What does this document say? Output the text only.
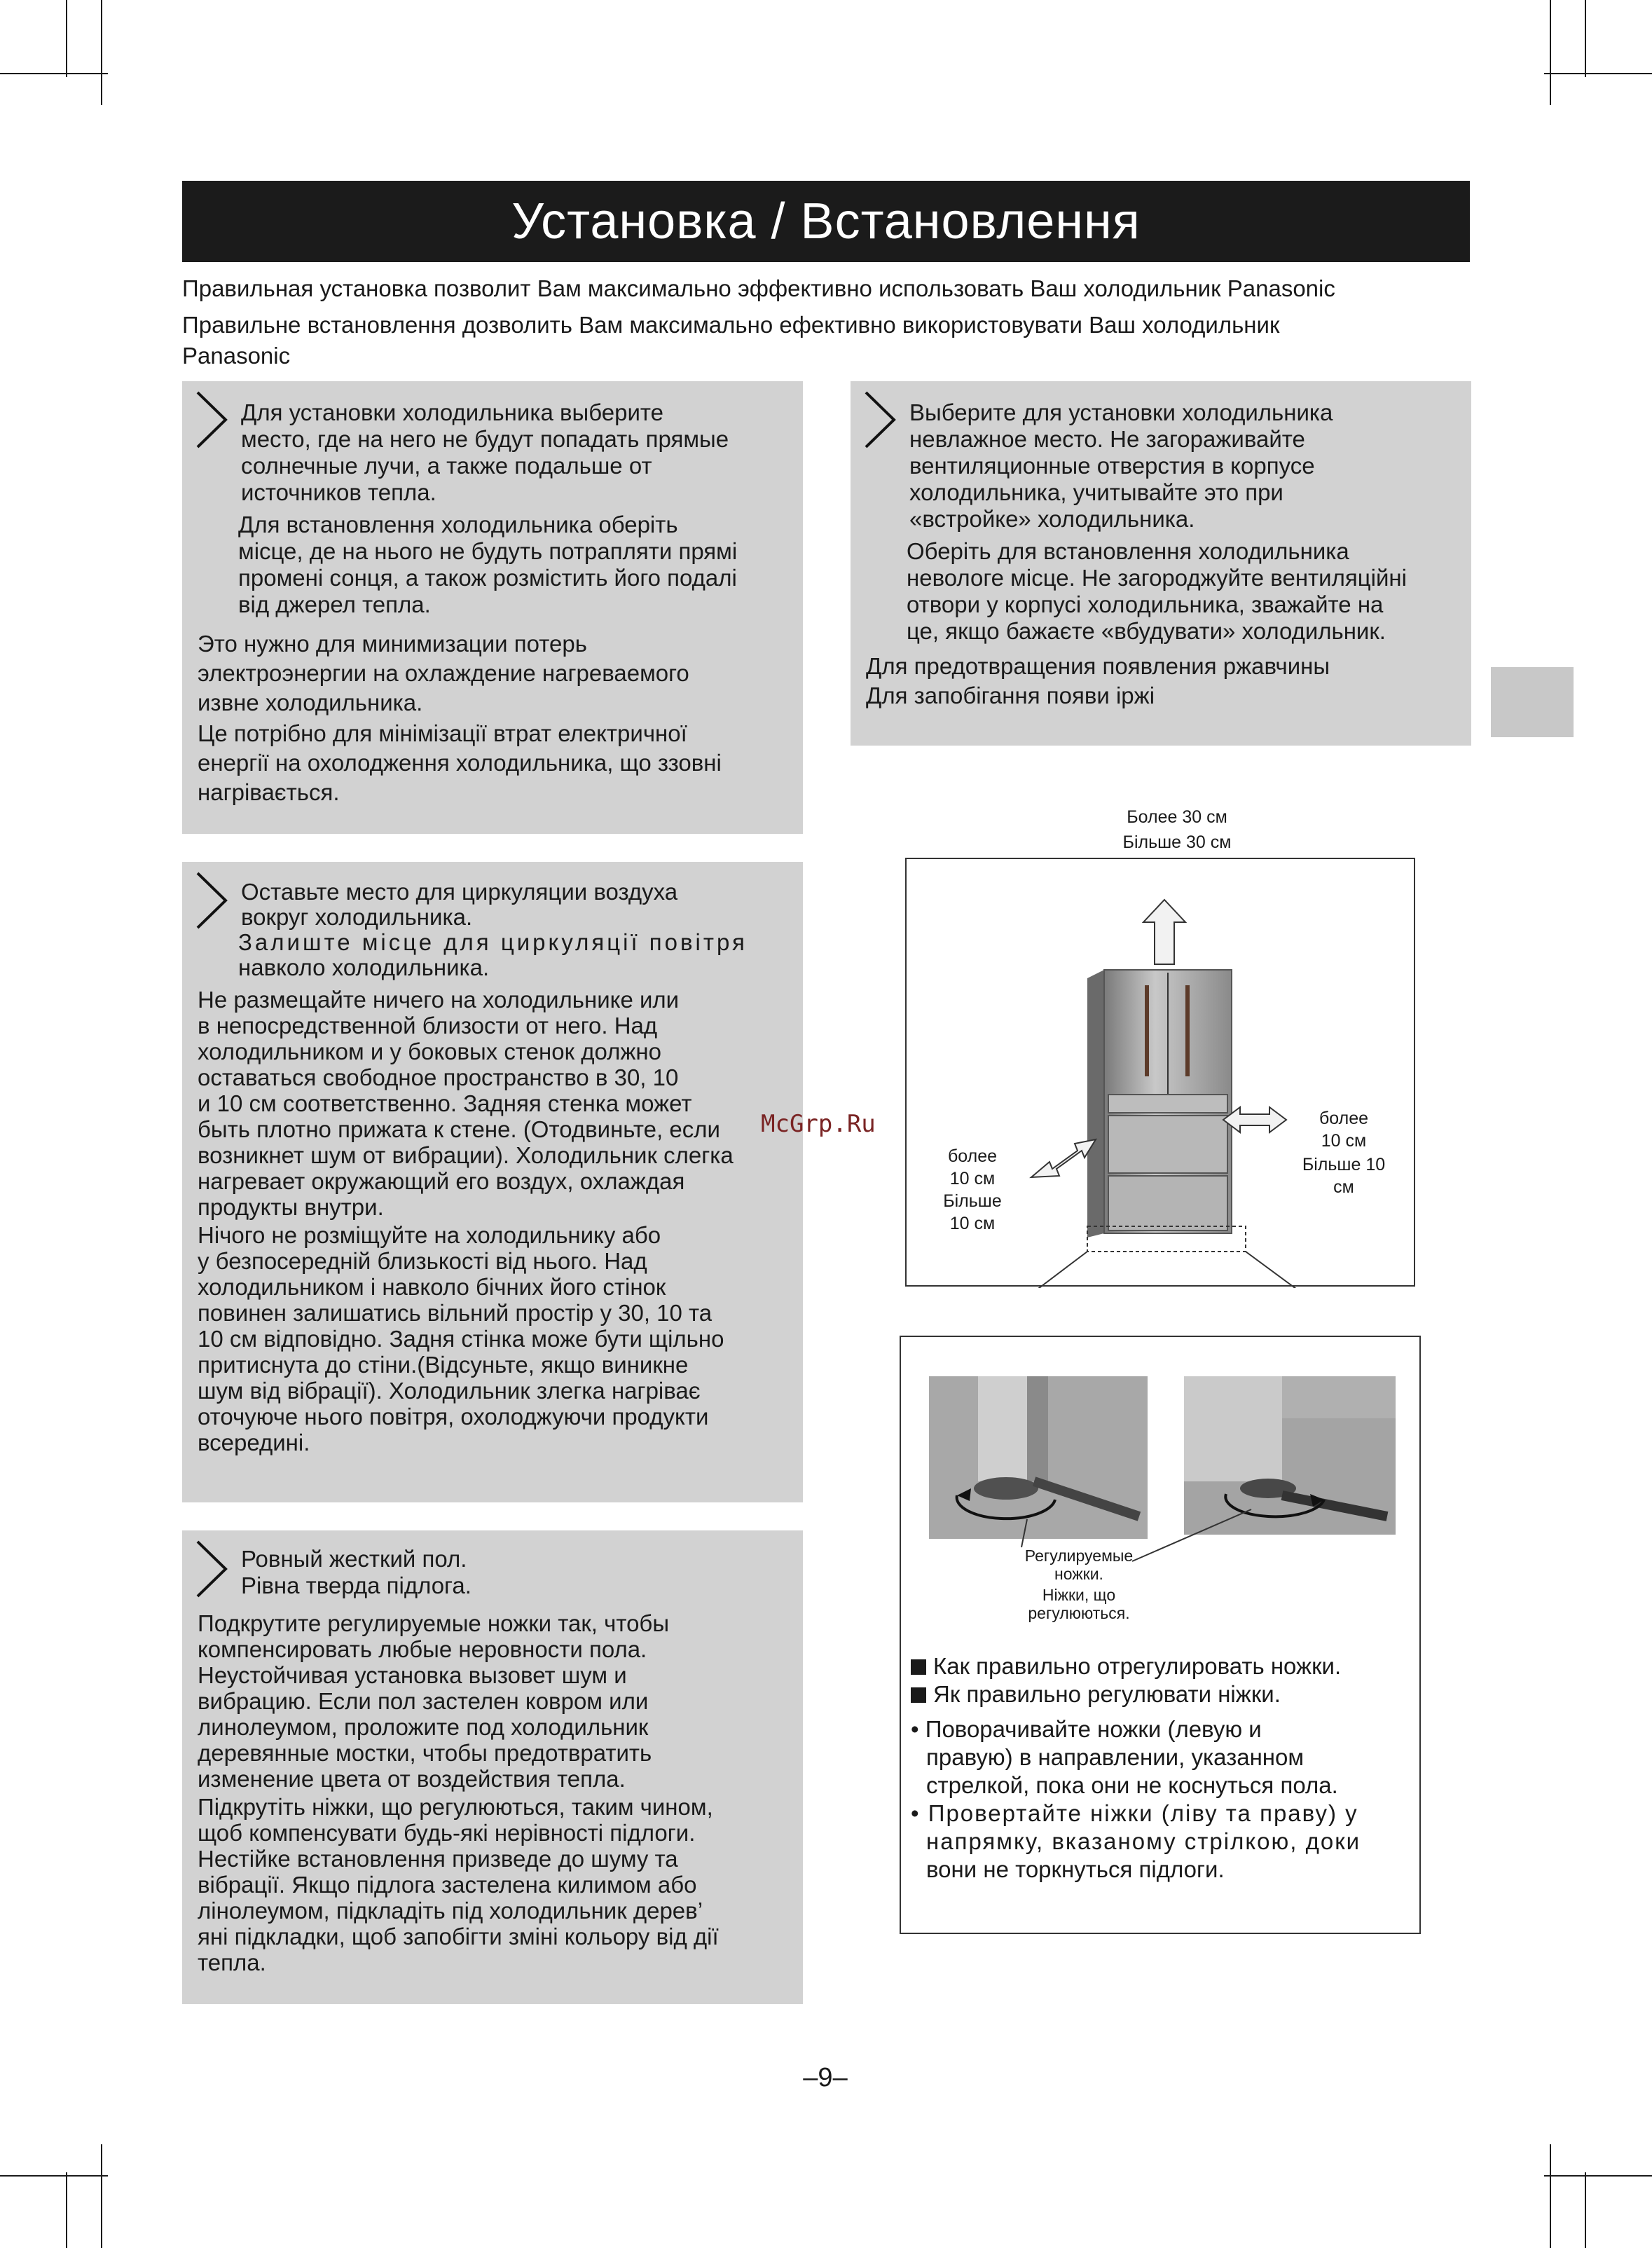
Установка / Встановлення
Правильная установка позволит Вам максимально эффективно использовать Ваш холодильник Panasonic
Правильне встановлення дозволить Вам максимально ефективно використовувати Ваш холодильник
Panasonic

Для установки холодильника выберите

место, где на него не будут попадать прямые

солнечные лучи, а также подальше от

источников тепла.

Для встановлення холодильника оберіть

місце, де на нього не будуть потрапляти прямі

промені сонця, а також розмістить його подалі

від джерел тепла.

Это нужно для минимизации потерь

электроэнергии на охлаждение нагреваемого

извне холодильника.

Це потрібно для мінімізації втрат електричної

енергії на охолодження холодильника, що ззовні

нагрівається.

Выберите для установки холодильника

невлажное место. Не загораживайте

вентиляционные отверстия в корпусе

холодильника, учитывайте это при

«встройке» холодильника.

Оберіть для встановлення холодильника

невологе місце. Не загороджуйте вентиляційні

отвори у корпусі холодильника, зважайте на

це, якщо бажаєте «вбудувати» холодильник.

Для предотвращения появления ржавчины

Для запобігання появи іржі

Оставьте место для циркуляции воздуха

вокруг холодильника.

Залиште місце для циркуляції повітря

навколо холодильника.

Не размещайте ничего на холодильнике или

в непосредственной близости от него. Над

холодильником и у боковых стенок должно

оставаться свободное пространство в 30, 10

и 10 см соответственно. Задняя стенка может

быть плотно прижата к стене. (Отодвиньте, если

возникнет шум от вибрации). Холодильник слегка

нагревает окружающий его воздух, охлаждая

продукты внутри.

Нічого не розміщуйте на холодильнику або

у безпосередній близькості від нього. Над

холодильником і навколо бічних його стінок

повинен залишатись вільний простір у 30, 10 та

10 см відповідно. Задня стінка може бути щільно

притиснута до стіни.(Відсуньте, якщо виникне

шум від вібрації). Холодильник злегка нагріває

оточуюче нього повітря, охолоджуючи продукти

всередині.

Ровный жесткий пол.

Рівна тверда підлога.

Подкрутите регулируемые ножки так, чтобы

компенсировать любые неровности пола.

Неустойчивая установка вызовет шум и

вибрацию. Если пол застелен ковром или

линолеумом, проложите под холодильник

деревянные мостки, чтобы предотвратить

изменение цвета от воздействия тепла.

Підкрутіть ніжки, що регулюються, таким чином,

щоб компенсувати будь-які нерівності підлоги.

Нестійке встановлення призведе до шуму та

вібрації. Якщо підлога застелена килимом або

лінолеумом, підкладіть під холодильник дерев’

яні підкладки, щоб запобігти зміні кольору від дії

тепла.

Более 30 см
Більше 30 см
более
10 см
Більше
10 см
более
10 см
Більше 10
см
McGrp.Ru
Регулируемые
ножки.
Ніжки, що
регулюються.
Как правильно отрегулировать ножки.
Як правильно регулювати ніжки.
• Поворачивайте ножки (левую и
правую) в направлении, указанном
стрелкой, пока они не коснуться пола.
• Провертайте ніжки (ліву та праву) у
напрямку, вказаному стрілкою, доки
вони не торкнуться підлоги.
–9–
